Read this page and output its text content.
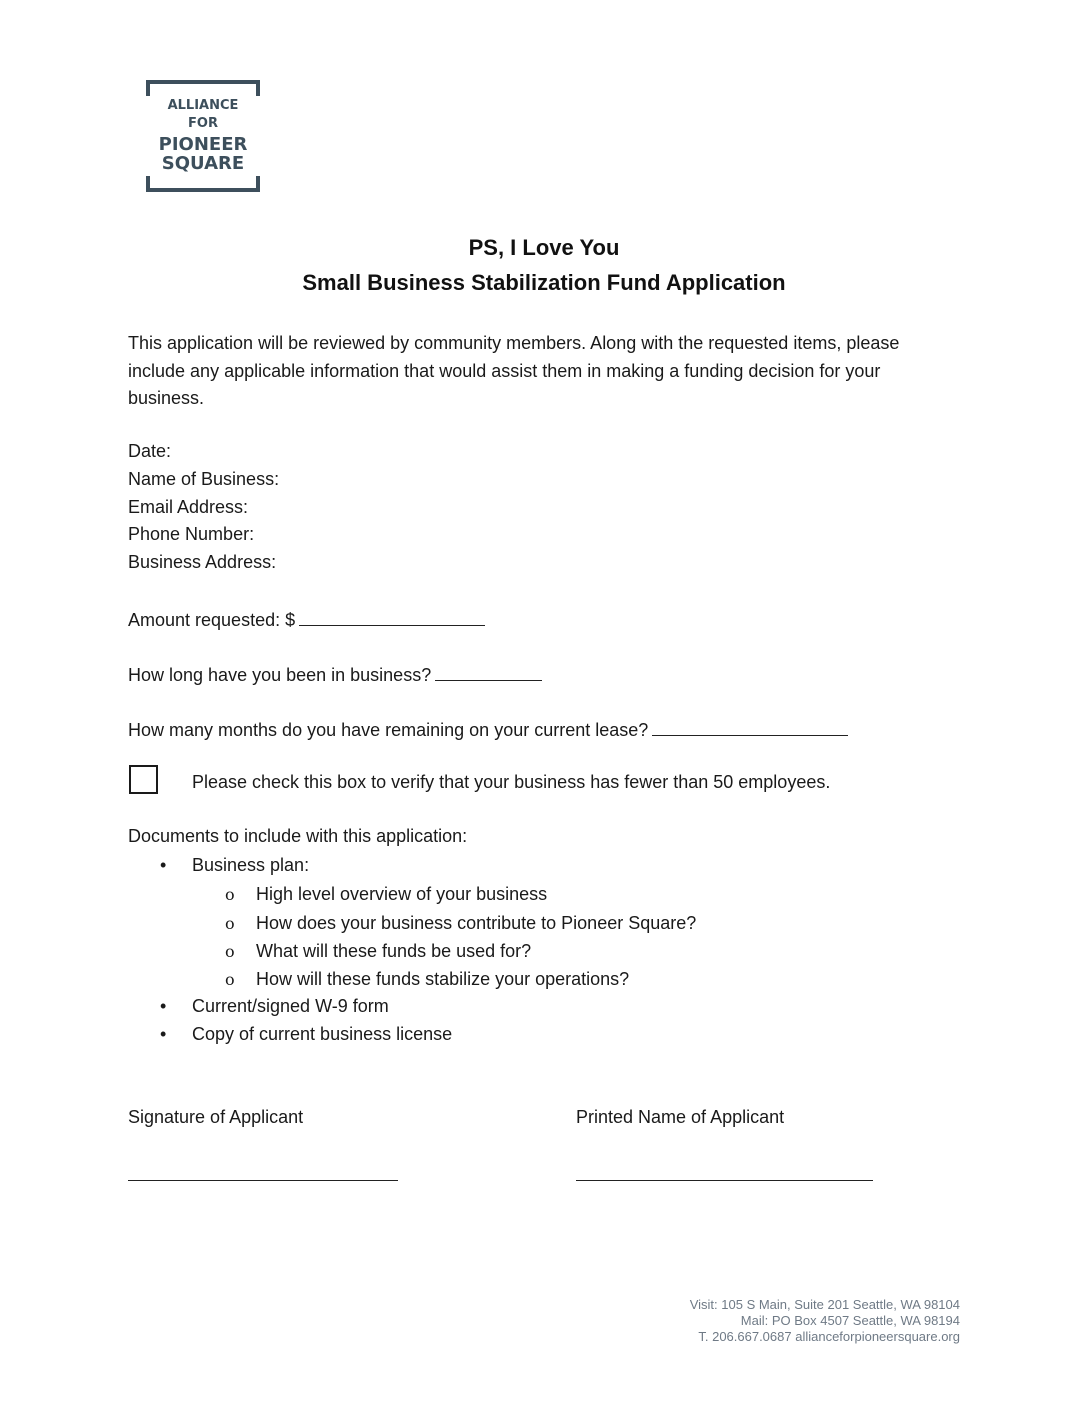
ALLIANCE
FOR
PIONEER
SQUARE
PS, I Love You
Small Business Stabilization Fund Application
This application will be reviewed by community members. Along with the requested items, please include any applicable information that would assist them in making a funding decision for your business.
Date:
Name of Business:
Email Address:
Phone Number:
Business Address:
Amount requested: $
How long have you been in business?
How many months do you have remaining on your current lease?
Please check this box to verify that your business has fewer than 50 employees.
Documents to include with this application:
• Business plan:
o High level overview of your business
o How does your business contribute to Pioneer Square?
o What will these funds be used for?
o How will these funds stabilize your operations?
• Current/signed W-9 form
• Copy of current business license
Signature of Applicant	Printed Name of Applicant
Visit: 105 S Main, Suite 201 Seattle, WA 98104
Mail: PO Box 4507 Seattle, WA 98194
T. 206.667.0687 allianceforpioneersquare.org
